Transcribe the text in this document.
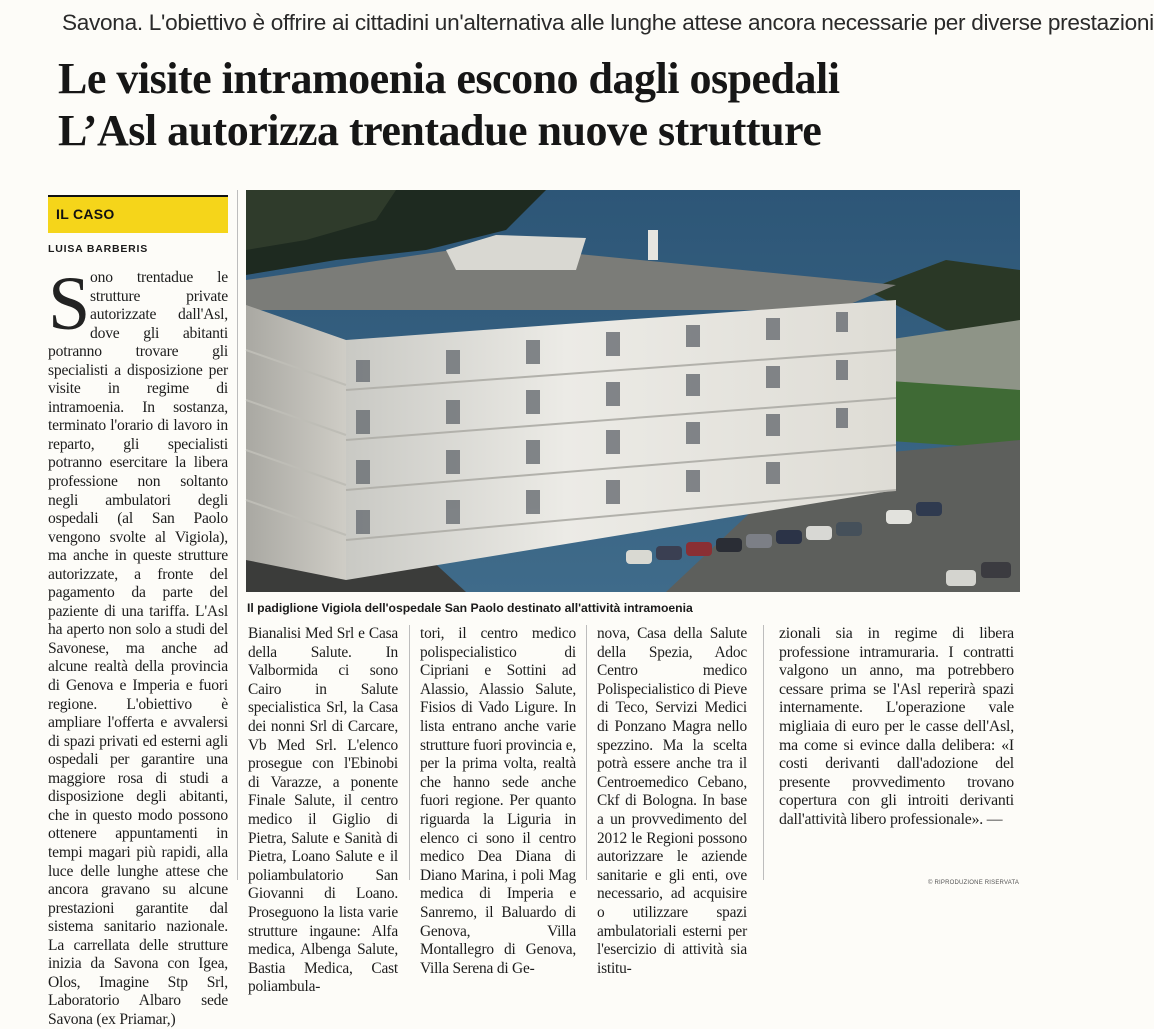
Savona. L'obiettivo è offrire ai cittadini un'alternativa alle lunghe attese ancora necessarie per diverse prestazioni
Le visite intramoenia escono dagli ospedali
L’Asl autorizza trentadue nuove strutture
IL CASO
LUISA BARBERIS
Sono trentadue le strutture private autorizzate dall'Asl, dove gli abitanti potranno trovare gli specialisti a disposizione per visite in regime di intramoenia. In sostanza, terminato l'orario di lavoro in reparto, gli specialisti potranno esercitare la libera professione non soltanto negli ambulatori degli ospedali (al San Paolo vengono svolte al Vigiola), ma anche in queste strutture autorizzate, a fronte del pagamento da parte del paziente di una tariffa. L'Asl ha aperto non solo a studi del Savonese, ma anche ad alcune realtà della provincia di Genova e Imperia e fuori regione. L'obiettivo è ampliare l'offerta e avvalersi di spazi privati ed esterni agli ospedali per garantire una maggiore rosa di studi a disposizione degli abitanti, che in questo modo possono ottenere appuntamenti in tempi magari più rapidi, alla luce delle lunghe attese che ancora gravano su alcune prestazioni garantite dal sistema sanitario nazionale. La carrellata delle strutture inizia da Savona con Igea, Olos, Imagine Stp Srl, Laboratorio Albaro sede Savona (ex Priamar,)
Il padiglione Vigiola dell'ospedale San Paolo destinato all'attività intramoenia
Bianalisi Med Srl e Casa della Salute. In Valbormida ci sono Cairo in Salute specialistica Srl, la Casa dei nonni Srl di Carcare, Vb Med Srl. L'elenco prosegue con l'Ebinobi di Varazze, a ponente Finale Salute, il centro medico il Giglio di Pietra, Salute e Sanità di Pietra, Loano Salute e il poliambulatorio San Giovanni di Loano. Proseguono la lista varie strutture ingaune: Alfa medica, Albenga Salute, Bastia Medica, Cast poliambula-
tori, il centro medico polispecialistico di Cipriani e Sottini ad Alassio, Alassio Salute, Fisios di Vado Ligure. In lista entrano anche varie strutture fuori provincia e, per la prima volta, realtà che hanno sede anche fuori regione. Per quanto riguarda la Liguria in elenco ci sono il centro medico Dea Diana di Diano Marina, i poli Mag medica di Imperia e Sanremo, il Baluardo di Genova, Villa Montallegro di Genova, Villa Serena di Ge-
nova, Casa della Salute della Spezia, Adoc Centro medico Polispecialistico di Pieve di Teco, Servizi Medici di Ponzano Magra nello spezzino. Ma la scelta potrà essere anche tra il Centroemedico Cebano, Ckf di Bologna. In base a un provvedimento del 2012 le Regioni possono autorizzare le aziende sanitarie e gli enti, ove necessario, ad acquisire o utilizzare spazi ambulatoriali esterni per l'esercizio di attività sia istitu-
zionali sia in regime di libera professione intramuraria. I contratti valgono un anno, ma potrebbero cessare prima se l'Asl reperirà spazi internamente. L'operazione vale migliaia di euro per le casse dell'Asl, ma come si evince dalla delibera: «I costi derivanti dall'adozione del presente provvedimento trovano copertura con gli introiti derivanti dall'attività libero professionale». —
© RIPRODUZIONE RISERVATA
